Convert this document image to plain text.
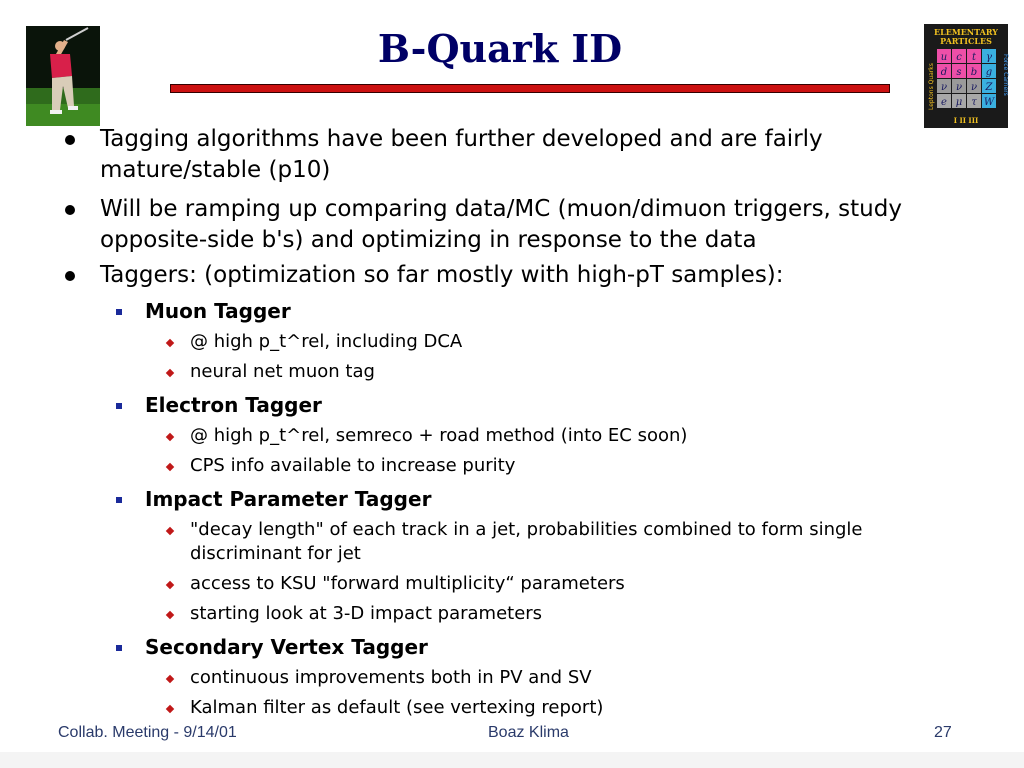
B-Quark ID	ELEMENTARY
PARTICLES
u c t γ
d s b g
ν ν ν Z
e μ τ W
Leptons Quarks	Force Carriers
I II III
Tagging algorithms have been further developed and are fairly mature/stable (p10)
Will be ramping up comparing data/MC (muon/dimuon triggers, study opposite-side b's) and optimizing in response to the data
Taggers: (optimization so far mostly with high-pT samples):
Muon Tagger
@ high p_t^rel, including DCA
neural net muon tag
Electron Tagger
@ high p_t^rel, semreco + road method (into EC soon)
CPS info available to increase purity
Impact Parameter Tagger
"decay length" of each track in a jet, probabilities combined to form single discriminant for jet
access to KSU "forward multiplicity“ parameters
starting look at 3-D impact parameters
Secondary Vertex Tagger
continuous improvements both in PV and SV
Kalman filter as default (see vertexing report)
Collab. Meeting - 9/14/01	Boaz Klima	27
